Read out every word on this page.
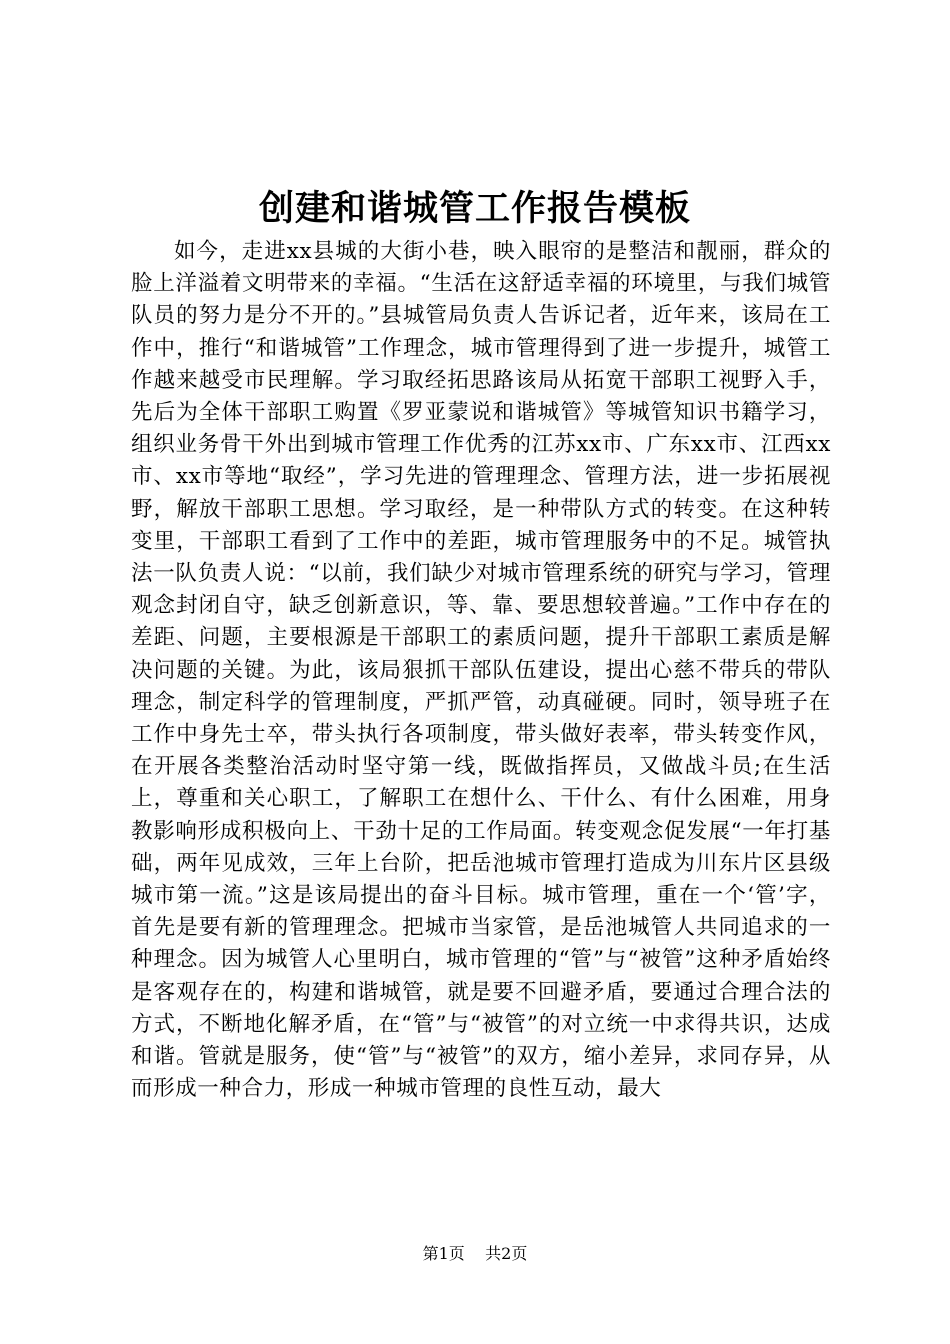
创建和谐城管工作报告模板

如今，走进xx县城的大街小巷，映入眼帘的是整洁和靓丽，群众的脸上洋溢着文明带来的幸福。“生活在这舒适幸福的环境里，与我们城管队员的努力是分不开的。”县城管局负责人告诉记者，近年来，该局在工作中，推行“和谐城管”工作理念，城市管理得到了进一步提升，城管工作越来越受市民理解。学习取经拓思路该局从拓宽干部职工视野入手，先后为全体干部职工购置《罗亚蒙说和谐城管》等城管知识书籍学习，组织业务骨干外出到城市管理工作优秀的江苏xx市、广东xx市、江西xx市、xx市等地“取经”，学习先进的管理理念、管理方法，进一步拓展视野，解放干部职工思想。学习取经，是一种带队方式的转变。在这种转变里，干部职工看到了工作中的差距，城市管理服务中的不足。城管执法一队负责人说：“以前，我们缺少对城市管理系统的研究与学习，管理观念封闭自守，缺乏创新意识，等、靠、要思想较普遍。”工作中存在的差距、问题，主要根源是干部职工的素质问题，提升干部职工素质是解决问题的关键。为此，该局狠抓干部队伍建设，提出心慈不带兵的带队理念，制定科学的管理制度，严抓严管，动真碰硬。同时，领导班子在工作中身先士卒，带头执行各项制度，带头做好表率，带头转变作风，在开展各类整治活动时坚守第一线，既做指挥员，又做战斗员;在生活上，尊重和关心职工，了解职工在想什么、干什么、有什么困难，用身教影响形成积极向上、干劲十足的工作局面。转变观念促发展“一年打基础，两年见成效，三年上台阶，把岳池城市管理打造成为川东片区县级城市第一流。”这是该局提出的奋斗目标。城市管理，重在一个‘管’字，首先是要有新的管理理念。把城市当家管，是岳池城管人共同追求的一种理念。因为城管人心里明白，城市管理的“管”与“被管”这种矛盾始终是客观存在的，构建和谐城管，就是要不回避矛盾，要通过合理合法的方式，不断地化解矛盾，在“管”与“被管”的对立统一中求得共识，达成和谐。管就是服务，使“管”与“被管”的双方，缩小差异，求同存异，从而形成一种合力，形成一种城市管理的良性互动，最大

第1页 共2页
